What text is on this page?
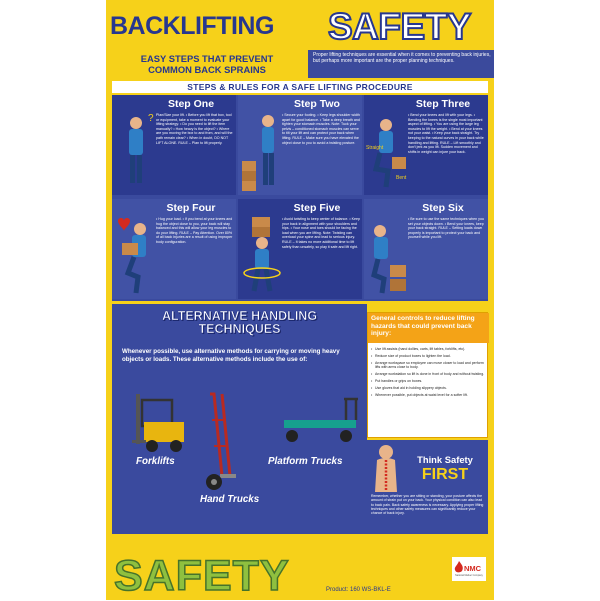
BACKLIFTING SAFETY
EASY STEPS THAT PREVENT
COMMON BACK SPRAINS
Proper lifting techniques are essential when it comes to preventing back injuries, but perhaps more important are the proper planning techniques.
STEPS & RULES FOR A SAFE LIFTING PROCEDURE
?
Step One
Plan/Size your lift. • Before you lift that box, tool or equipment, take a moment to evaluate your lifting strategy: • Do you need to lift the item manually? • How heavy is the object? • Where are you moving the box to and from, and will the path remain clear? • When in doubt, DO NOT LIFT ALONE. RULE – Plan to lift properly.
Step Two
• Secure your footing. • Keep legs shoulder width apart for good balance. • Take a deep breath and tighten your stomach muscles. Note: Tuck your pelvis – conditioned stomach muscles can serve to tilt your lift and can protect your back when lifting. RULE – Make sure you have elevated the object close to you to avoid a twisting posture.
Straight
Bent
Step Three
• Bend your knees and lift with your legs. • Bending the knees is the single most important aspect of lifting. • You are using the large leg muscles to lift the weight. • Bend at your knees not your waist. • Keep your back straight. Try keeping to the natural curves in your back while handling and lifting. RULE – Lift smoothly and don't jerk as you lift. Sudden movement and shifts in weight can injure your back.
Step Four
• Hug your load. • If you bend at your knees and hug the object close to you, your back will stay balanced and this will allow your leg muscles to do your lifting. RULE – Pay Attention. Over 80% of all back injuries are a result of using improper body configuration.
Step Five
• Avoid twisting to keep center of balance. • Keep your back in alignment with your shoulders and hips. • Your nose and toes should be facing the load when you are lifting. Note: Twisting can overload your spine and lead to serious injury. RULE – It takes no more additional time to lift safely than unsafely, so play it safe and lift right.
Step Six
• Be sure to use the same techniques when you set your objects down. • Bend your knees, keep your back straight. RULE – Setting loads down properly is important to protect your back and yourself while you lift.
ALTERNATIVE HANDLING
TECHNIQUES
Whenever possible, use alternative methods for carrying or moving heavy objects or loads. These alternative methods include the use of:
Forklifts
Hand Trucks
Platform Trucks
General controls to reduce lifting hazards that could prevent back injury:
• Use lift assists (hand dollies, carts, lift tables, forklifts, etc).
• Reduce size of product boxes to lighten the load.
• Arrange workspace so employee can move closer to load and perform lifts with arms close to body.
• Arrange workstation so lift is done in front of body and without twisting.
• Put handles or grips on boxes.
• Use gloves that aid in holding slippery objects.
• Whenever possible, put objects at waist level for a softer lift.
Think Safety
FIRST
Remember, whether you are sitting or standing, your posture affects the amount of strain put on your back. Your physical condition can also lead to back pain. Back safety awareness is necessary. Applying proper lifting techniques and other safety measures can significantly reduce your chance of back injury.
SAFETY	Product: 160 WS-BKL-E
NMC
National Marker Company
